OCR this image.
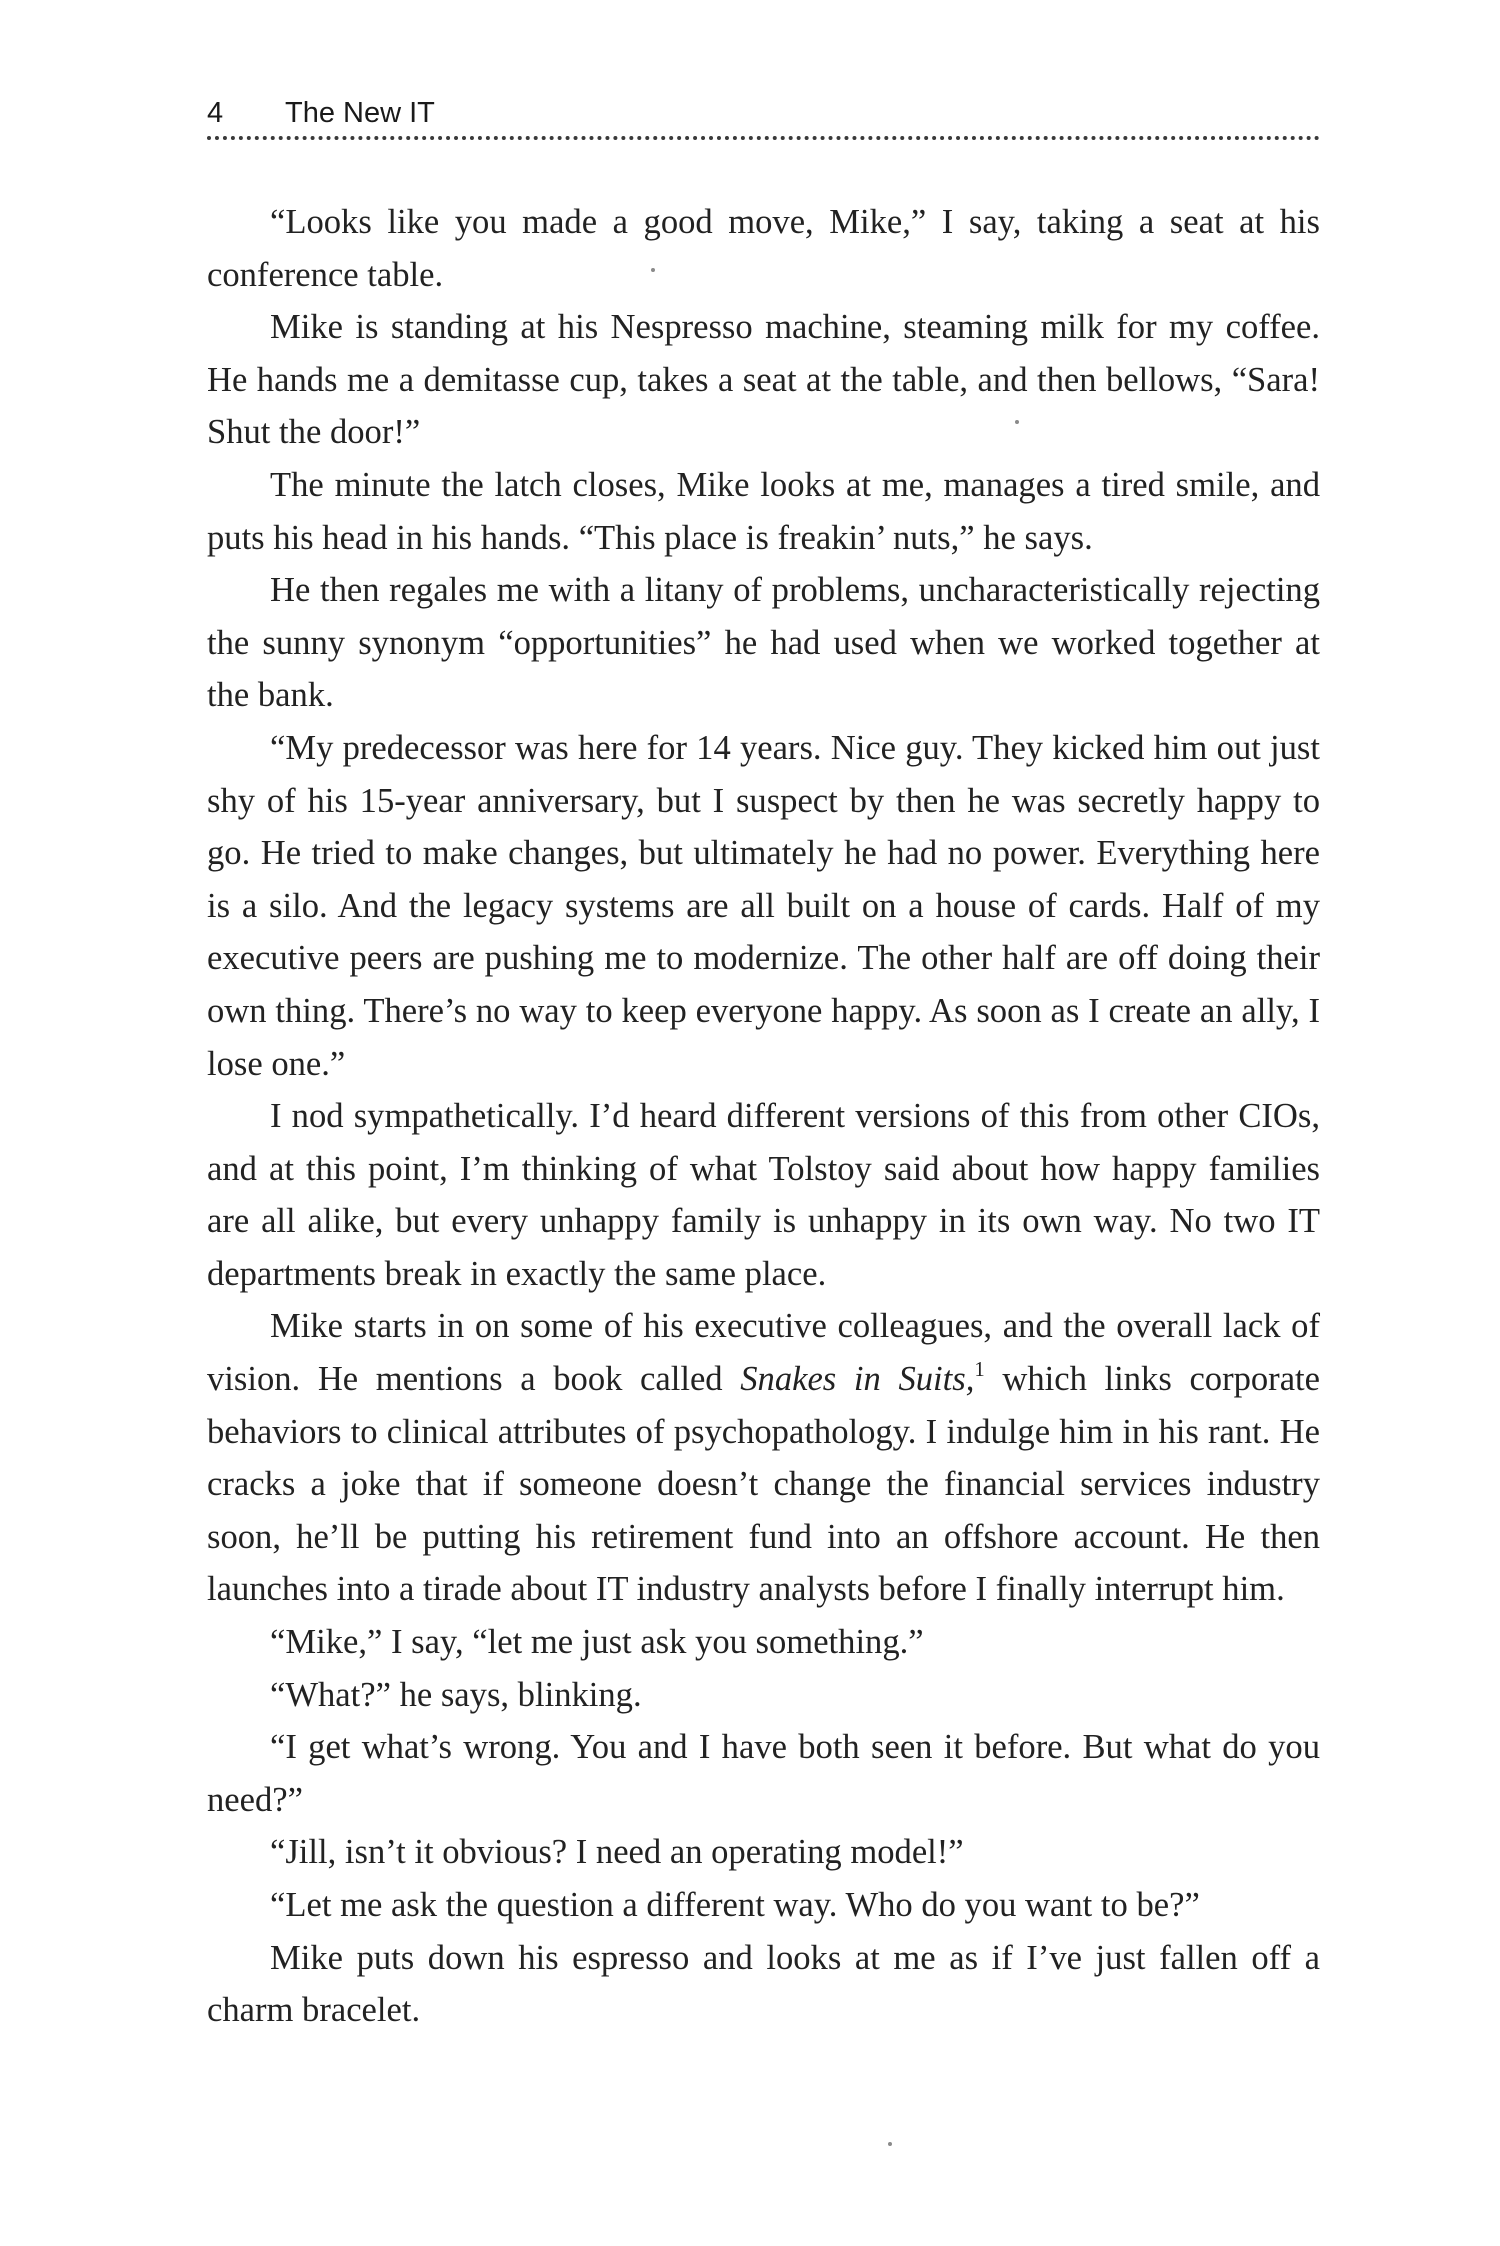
4	The New IT

“Looks like you made a good move, Mike,” I say, taking a seat at his conference table.

Mike is standing at his Nespresso machine, steaming milk for my coffee. He hands me a demitasse cup, takes a seat at the table, and then bellows, “Sara! Shut the door!”

The minute the latch closes, Mike looks at me, manages a tired smile, and puts his head in his hands. “This place is freakin’ nuts,” he says.

He then regales me with a litany of problems, uncharacteristically rejecting the sunny synonym “opportunities” he had used when we worked together at the bank.

“My predecessor was here for 14 years. Nice guy. They kicked him out just shy of his 15-year anniversary, but I suspect by then he was secretly happy to go. He tried to make changes, but ultimately he had no power. Everything here is a silo. And the legacy systems are all built on a house of cards. Half of my executive peers are pushing me to modernize. The other half are off doing their own thing. There’s no way to keep everyone happy. As soon as I create an ally, I lose one.”

I nod sympathetically. I’d heard different versions of this from other CIOs, and at this point, I’m thinking of what Tolstoy said about how happy families are all alike, but every unhappy family is unhappy in its own way. No two IT departments break in exactly the same place.

Mike starts in on some of his executive colleagues, and the overall lack of vision. He mentions a book called Snakes in Suits,$^1$ which links corporate behaviors to clinical attributes of psychopathology. I indulge him in his rant. He cracks a joke that if someone doesn’t change the financial services industry soon, he’ll be putting his retirement fund into an offshore account. He then launches into a tirade about IT industry analysts before I finally interrupt him.

“Mike,” I say, “let me just ask you something.”

“What?” he says, blinking.

“I get what’s wrong. You and I have both seen it before. But what do you need?”

“Jill, isn’t it obvious? I need an operating model!”

“Let me ask the question a different way. Who do you want to be?”

Mike puts down his espresso and looks at me as if I’ve just fallen off a charm bracelet.
